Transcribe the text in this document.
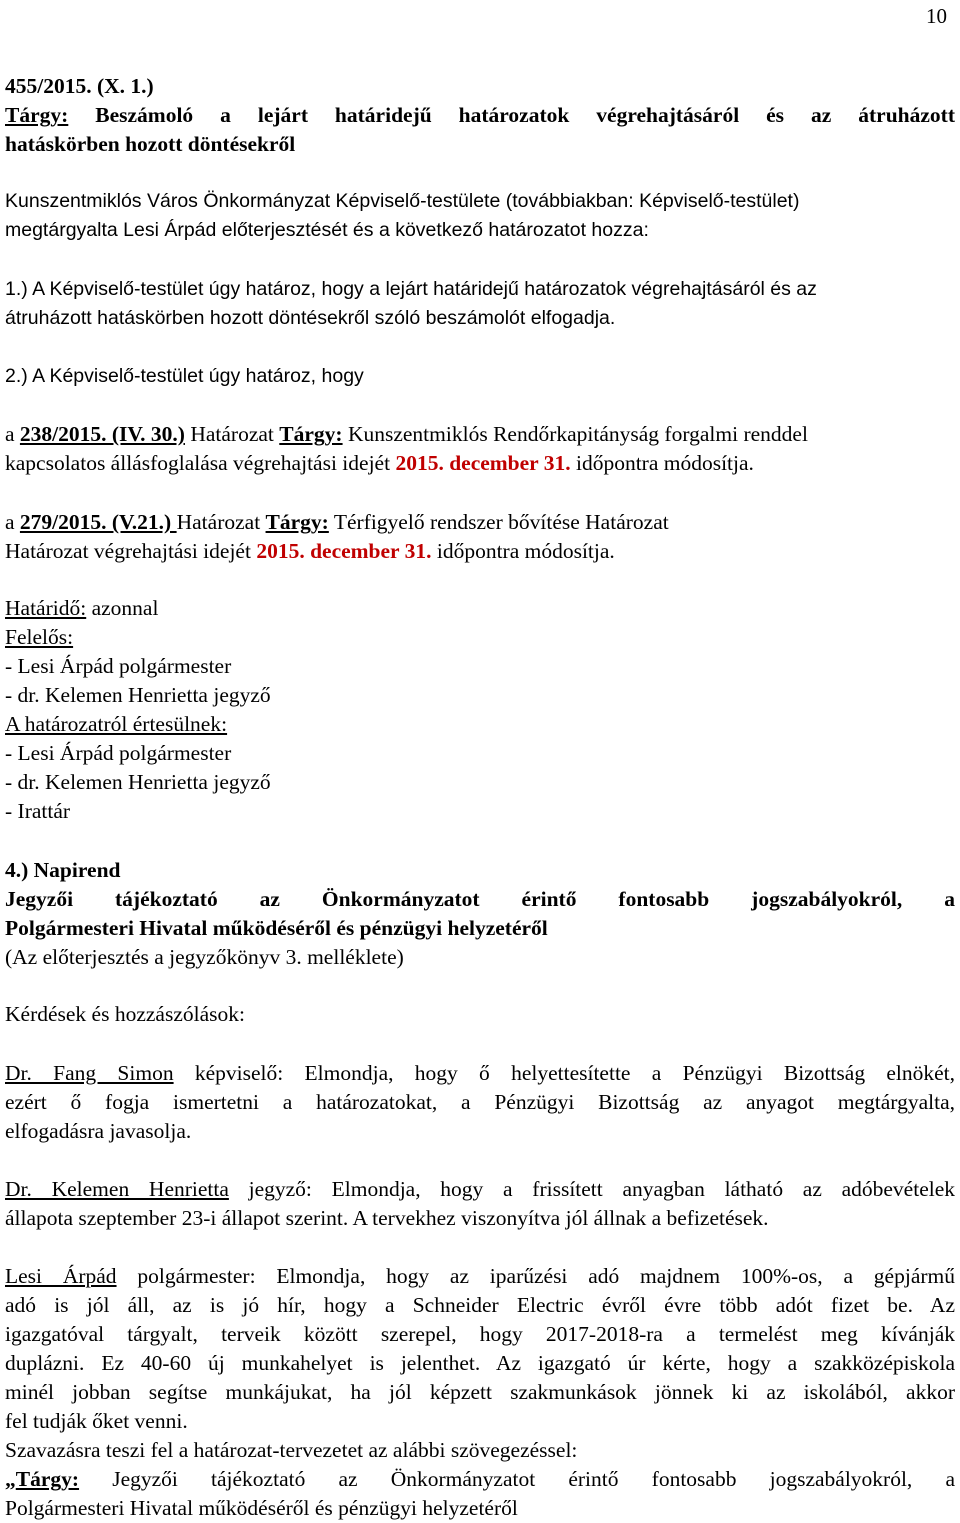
10
455/2015. (X. 1.)
Tárgy: Beszámoló a lejárt határidejű határozatok végrehajtásáról és az átruházott
hatáskörben hozott döntésekről
Kunszentmiklós Város Önkormányzat Képviselő-testülete (továbbiakban: Képviselő-testület)
megtárgyalta Lesi Árpád előterjesztését és a következő határozatot hozza:
1.) A Képviselő-testület úgy határoz, hogy a lejárt határidejű határozatok végrehajtásáról és az
átruházott hatáskörben hozott döntésekről szóló beszámolót elfogadja.
2.) A Képviselő-testület úgy határoz, hogy
a 238/2015. (IV. 30.) Határozat Tárgy: Kunszentmiklós Rendőrkapitányság forgalmi renddel
kapcsolatos állásfoglalása végrehajtási idejét 2015. december 31. időpontra módosítja.
a 279/2015. (V.21.) Határozat Tárgy: Térfigyelő rendszer bővítése Határozat
Határozat végrehajtási idejét 2015. december 31. időpontra módosítja.
Határidő: azonnal
Felelős:
- Lesi Árpád polgármester
- dr. Kelemen Henrietta jegyző
A határozatról értesülnek:
- Lesi Árpád polgármester
- dr. Kelemen Henrietta jegyző
- Irattár
4.) Napirend
Jegyzői tájékoztató az Önkormányzatot érintő fontosabb jogszabályokról, a
Polgármesteri Hivatal működéséről és pénzügyi helyzetéről
(Az előterjesztés a jegyzőkönyv 3. melléklete)
Kérdések és hozzászólások:
Dr. Fang Simon képviselő: Elmondja, hogy ő helyettesítette a Pénzügyi Bizottság elnökét,
ezért ő fogja ismertetni a határozatokat, a Pénzügyi Bizottság az anyagot megtárgyalta,
elfogadásra javasolja.
Dr. Kelemen Henrietta jegyző: Elmondja, hogy a frissített anyagban látható az adóbevételek
állapota szeptember 23-i állapot szerint. A tervekhez viszonyítva jól állnak a befizetések.
Lesi Árpád polgármester: Elmondja, hogy az iparűzési adó majdnem 100%-os, a gépjármű
adó is jól áll, az is jó hír, hogy a Schneider Electric évről évre több adót fizet be. Az
igazgatóval tárgyalt, terveik között szerepel, hogy 2017-2018-ra a termelést meg kívánják
duplázni. Ez 40-60 új munkahelyet is jelenthet. Az igazgató úr kérte, hogy a szakközépiskola
minél jobban segítse munkájukat, ha jól képzett szakmunkások jönnek ki az iskolából, akkor
fel tudják őket venni.
Szavazásra teszi fel a határozat-tervezetet az alábbi szövegezéssel:
„Tárgy: Jegyzői tájékoztató az Önkormányzatot érintő fontosabb jogszabályokról, a
Polgármesteri Hivatal működéséről és pénzügyi helyzetéről
